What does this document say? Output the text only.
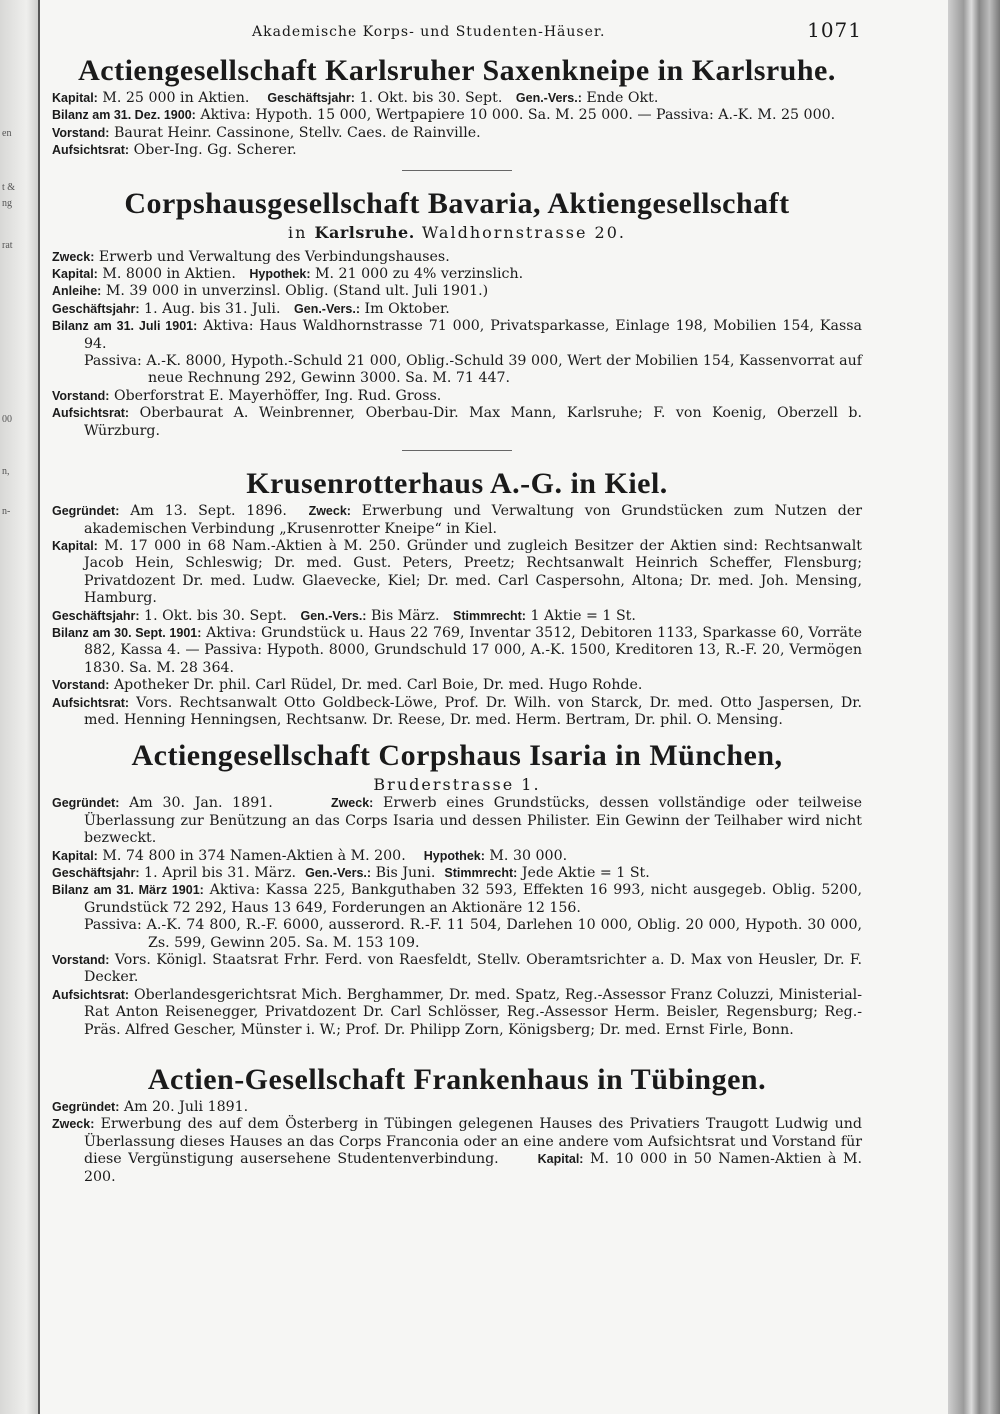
en
t &
ng
rat
00
n,
n-
Akademische Korps- und Studenten-Häuser.	1071
Actiengesellschaft Karlsruher Saxenkneipe in Karlsruhe.

Kapital: M. 25 000 in Aktien. Geschäftsjahr: 1. Okt. bis 30. Sept. Gen.-Vers.: Ende Okt.

Bilanz am 31. Dez. 1900: Aktiva: Hypoth. 15 000, Wertpapiere 10 000. Sa. M. 25 000. — Passiva: A.-K. M. 25 000.

Vorstand: Baurat Heinr. Cassinone, Stellv. Caes. de Rainville.

Aufsichtsrat: Ober-Ing. Gg. Scherer.

Corpshausgesellschaft Bavaria, Aktiengesellschaft
in Karlsruhe. Waldhornstrasse 20.

Zweck: Erwerb und Verwaltung des Verbindungshauses.

Kapital: M. 8000 in Aktien. Hypothek: M. 21 000 zu 4% verzinslich.

Anleihe: M. 39 000 in unverzinsl. Oblig. (Stand ult. Juli 1901.)

Geschäftsjahr: 1. Aug. bis 31. Juli. Gen.-Vers.: Im Oktober.

Bilanz am 31. Juli 1901: Aktiva: Haus Waldhornstrasse 71 000, Privatsparkasse, Einlage 198, Mobilien 154, Kassa 94.

Passiva: A.-K. 8000, Hypoth.-Schuld 21 000, Oblig.-Schuld 39 000, Wert der Mobilien 154, Kassenvorrat auf neue Rechnung 292, Gewinn 3000. Sa. M. 71 447.

Vorstand: Oberforstrat E. Mayerhöffer, Ing. Rud. Gross.

Aufsichtsrat: Oberbaurat A. Weinbrenner, Oberbau-Dir. Max Mann, Karlsruhe; F. von Koenig, Oberzell b. Würzburg.

Krusenrotterhaus A.-G. in Kiel.

Gegründet: Am 13. Sept. 1896. Zweck: Erwerbung und Verwaltung von Grundstücken zum Nutzen der akademischen Verbindung „Krusenrotter Kneipe“ in Kiel.

Kapital: M. 17 000 in 68 Nam.-Aktien à M. 250. Gründer und zugleich Besitzer der Aktien sind: Rechtsanwalt Jacob Hein, Schleswig; Dr. med. Gust. Peters, Preetz; Rechtsanwalt Heinrich Scheffer, Flensburg; Privatdozent Dr. med. Ludw. Glaevecke, Kiel; Dr. med. Carl Caspersohn, Altona; Dr. med. Joh. Mensing, Hamburg.

Geschäftsjahr: 1. Okt. bis 30. Sept. Gen.-Vers.: Bis März. Stimmrecht: 1 Aktie = 1 St.

Bilanz am 30. Sept. 1901: Aktiva: Grundstück u. Haus 22 769, Inventar 3512, Debitoren 1133, Sparkasse 60, Vorräte 882, Kassa 4. — Passiva: Hypoth. 8000, Grundschuld 17 000, A.-K. 1500, Kreditoren 13, R.-F. 20, Vermögen 1830. Sa. M. 28 364.

Vorstand: Apotheker Dr. phil. Carl Rüdel, Dr. med. Carl Boie, Dr. med. Hugo Rohde.

Aufsichtsrat: Vors. Rechtsanwalt Otto Goldbeck-Löwe, Prof. Dr. Wilh. von Starck, Dr. med. Otto Jaspersen, Dr. med. Henning Henningsen, Rechtsanw. Dr. Reese, Dr. med. Herm. Bertram, Dr. phil. O. Mensing.

Actiengesellschaft Corpshaus Isaria in München,
Bruderstrasse 1.

Gegründet: Am 30. Jan. 1891.	Zweck: Erwerb eines Grundstücks, dessen vollständige oder teilweise Überlassung zur Benützung an das Corps Isaria und dessen Philister. Ein Gewinn der Teilhaber wird nicht bezweckt.

Kapital: M. 74 800 in 374 Namen-Aktien à M. 200. Hypothek: M. 30 000.

Geschäftsjahr: 1. April bis 31. März. Gen.-Vers.: Bis Juni. Stimmrecht: Jede Aktie = 1 St.

Bilanz am 31. März 1901: Aktiva: Kassa 225, Bankguthaben 32 593, Effekten 16 993, nicht ausgegeb. Oblig. 5200, Grundstück 72 292, Haus 13 649, Forderungen an Aktionäre 12 156.

Passiva: A.-K. 74 800, R.-F. 6000, ausserord. R.-F. 11 504, Darlehen 10 000, Oblig. 20 000, Hypoth. 30 000, Zs. 599, Gewinn 205. Sa. M. 153 109.

Vorstand: Vors. Königl. Staatsrat Frhr. Ferd. von Raesfeldt, Stellv. Oberamtsrichter a. D. Max von Heusler, Dr. F. Decker.

Aufsichtsrat: Oberlandesgerichtsrat Mich. Berghammer, Dr. med. Spatz, Reg.-Assessor Franz Coluzzi, Ministerial-Rat Anton Reisenegger, Privatdozent Dr. Carl Schlösser, Reg.-Assessor Herm. Beisler, Regensburg; Reg.-Präs. Alfred Gescher, Münster i. W.; Prof. Dr. Philipp Zorn, Königsberg; Dr. med. Ernst Firle, Bonn.

Actien-Gesellschaft Frankenhaus in Tübingen.

Gegründet: Am 20. Juli 1891.

Zweck: Erwerbung des auf dem Österberg in Tübingen gelegenen Hauses des Privatiers Traugott Ludwig und Überlassung dieses Hauses an das Corps Franconia oder an eine andere vom Aufsichtsrat und Vorstand für diese Vergünstigung ausersehene Studentenverbindung.	Kapital: M. 10 000 in 50 Namen-Aktien à M. 200.
